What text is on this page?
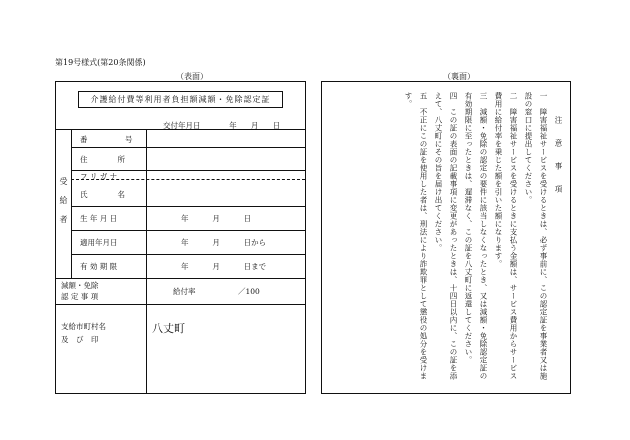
第19号様式(第20条関係)
（表面）	（裏面）
介護給付費等利用者負担額減額・免除認定証
交付年月日            年      月      日
受給者
番　　　　　号
住　　　　所
フ リ ガ ナ
氏　　　　名
生 年 月 日
適用年月日
有 効 期 限
減額・免除
認 定 事 項
支給市町村名
及　び　印
年          月          日
年          月          日から
年          月          日まで
給付率	／100
八丈町

注　意　事　項

一　障害福祉サービスを受けるときは、必ず事前に、この認定証を事業者又は施設の窓口に提出してください。

二　障害福祉サービスを受けるときに支払う金額は、サービス費用からサービス費用に給付率を乗じた額を引いた額になります。

三　減額・免除の認定の要件に該当しなくなったとき、又は減額・免除認定証の有効期限に至ったときは、遅滞なく、この証を八丈町に返還してください。

四　この証の表面の記載事項に変更があったときは、十四日以内に、この証を添えて、八丈町にその旨を届け出てください。

五　不正にこの証を使用した者は、刑法により詐欺罪として懲役の処分を受けます。
